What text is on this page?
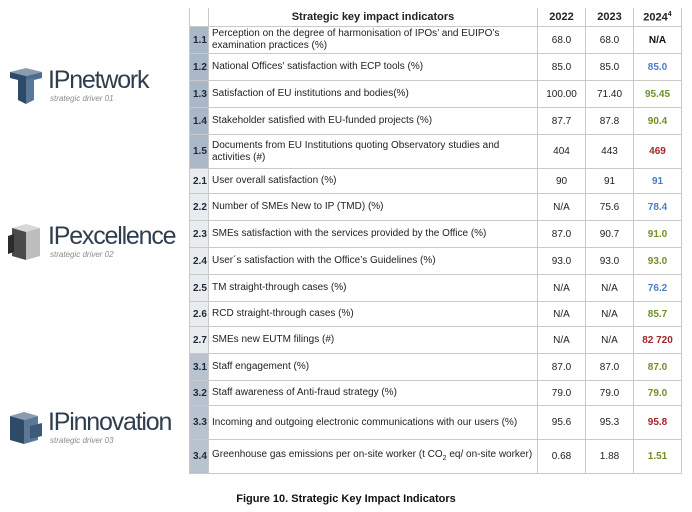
IPnetwork
strategic driver 01
IPexcellence
strategic driver 02
IPinnovation
strategic driver 03
	Strategic key impact indicators	2022	2023	2024$^4$
1.1	Perception on the degree of harmonisation of IPOs’ and EUIPO’s examination practices (%)	68.0	68.0	N/A
1.2	National Offices' satisfaction with ECP tools (%)	85.0	85.0	85.0
1.3	Satisfaction of EU institutions and bodies(%)	100.00	71.40	95.45
1.4	Stakeholder satisfied with EU-funded projects (%)	87.7	87.8	90.4
1.5	Documents from EU Institutions quoting Observatory studies and activities (#)	404	443	469
2.1	User overall satisfaction (%)	90	91	91
2.2	Number of SMEs New to IP (TMD) (%)	N/A	75.6	78.4
2.3	SMEs satisfaction with the services provided by the Office (%)	87.0	90.7	91.0
2.4	User´s satisfaction with the Office’s Guidelines (%)	93.0	93.0	93.0
2.5	TM straight-through cases (%)	N/A	N/A	76.2
2.6	RCD straight-through cases (%)	N/A	N/A	85.7
2.7	SMEs new EUTM filings (#)	N/A	N/A	82 720
3.1	Staff engagement (%)	87.0	87.0	87.0
3.2	Staff awareness of Anti-fraud strategy (%)	79.0	79.0	79.0
3.3	Incoming and outgoing electronic communications with our users (%)	95.6	95.3	95.8
3.4	Greenhouse gas emissions per on-site worker (t $CO_2$ eq/ on-site worker)	0.68	1.88	1.51
Figure 10. Strategic Key Impact Indicators
